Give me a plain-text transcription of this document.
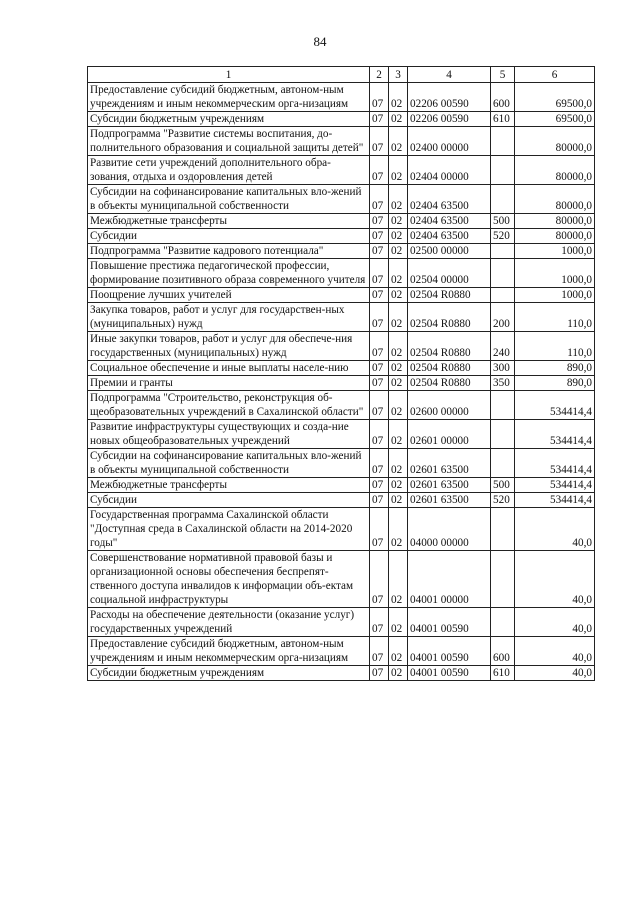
84
1	2	3	4	5	6
Предоставление субсидий бюджетным, автоном-ным учреждениям и иным некоммерческим орга-низациям	07	02	02206 00590	600	69500,0
Субсидии бюджетным учреждениям	07	02	02206 00590	610	69500,0
Подпрограмма "Развитие системы воспитания, до-полнительного образования и социальной защиты детей"	07	02	02400 00000		80000,0
Развитие сети учреждений дополнительного обра-зования, отдыха и оздоровления детей	07	02	02404 00000		80000,0
Субсидии на софинансирование капитальных вло-жений в объекты муниципальной собственности	07	02	02404 63500		80000,0
Межбюджетные трансферты	07	02	02404 63500	500	80000,0
Субсидии	07	02	02404 63500	520	80000,0
Подпрограмма "Развитие кадрового потенциала"	07	02	02500 00000		1000,0
Повышение престижа педагогической профессии, формирование позитивного образа современного учителя	07	02	02504 00000		1000,0
Поощрение лучших учителей	07	02	02504 R0880		1000,0
Закупка товаров, работ и услуг для государствен-ных (муниципальных) нужд	07	02	02504 R0880	200	110,0
Иные закупки товаров, работ и услуг для обеспече-ния государственных (муниципальных) нужд	07	02	02504 R0880	240	110,0
Социальное обеспечение и иные выплаты населе-нию	07	02	02504 R0880	300	890,0
Премии и гранты	07	02	02504 R0880	350	890,0
Подпрограмма "Строительство, реконструкция об-щеобразовательных учреждений в Сахалинской области"	07	02	02600 00000		534414,4
Развитие инфраструктуры существующих и созда-ние новых общеобразовательных учреждений	07	02	02601 00000		534414,4
Субсидии на софинансирование капитальных вло-жений в объекты муниципальной собственности	07	02	02601 63500		534414,4
Межбюджетные трансферты	07	02	02601 63500	500	534414,4
Субсидии	07	02	02601 63500	520	534414,4
Государственная программа Сахалинской области "Доступная среда в Сахалинской области на 2014-2020 годы"	07	02	04000 00000		40,0
Совершенствование нормативной правовой базы и организационной основы обеспечения беспрепят-ственного доступа инвалидов к информации объ-ектам социальной инфраструктуры	07	02	04001 00000		40,0
Расходы на обеспечение деятельности (оказание услуг) государственных учреждений	07	02	04001 00590		40,0
Предоставление субсидий бюджетным, автоном-ным учреждениям и иным некоммерческим орга-низациям	07	02	04001 00590	600	40,0
Субсидии бюджетным учреждениям	07	02	04001 00590	610	40,0
